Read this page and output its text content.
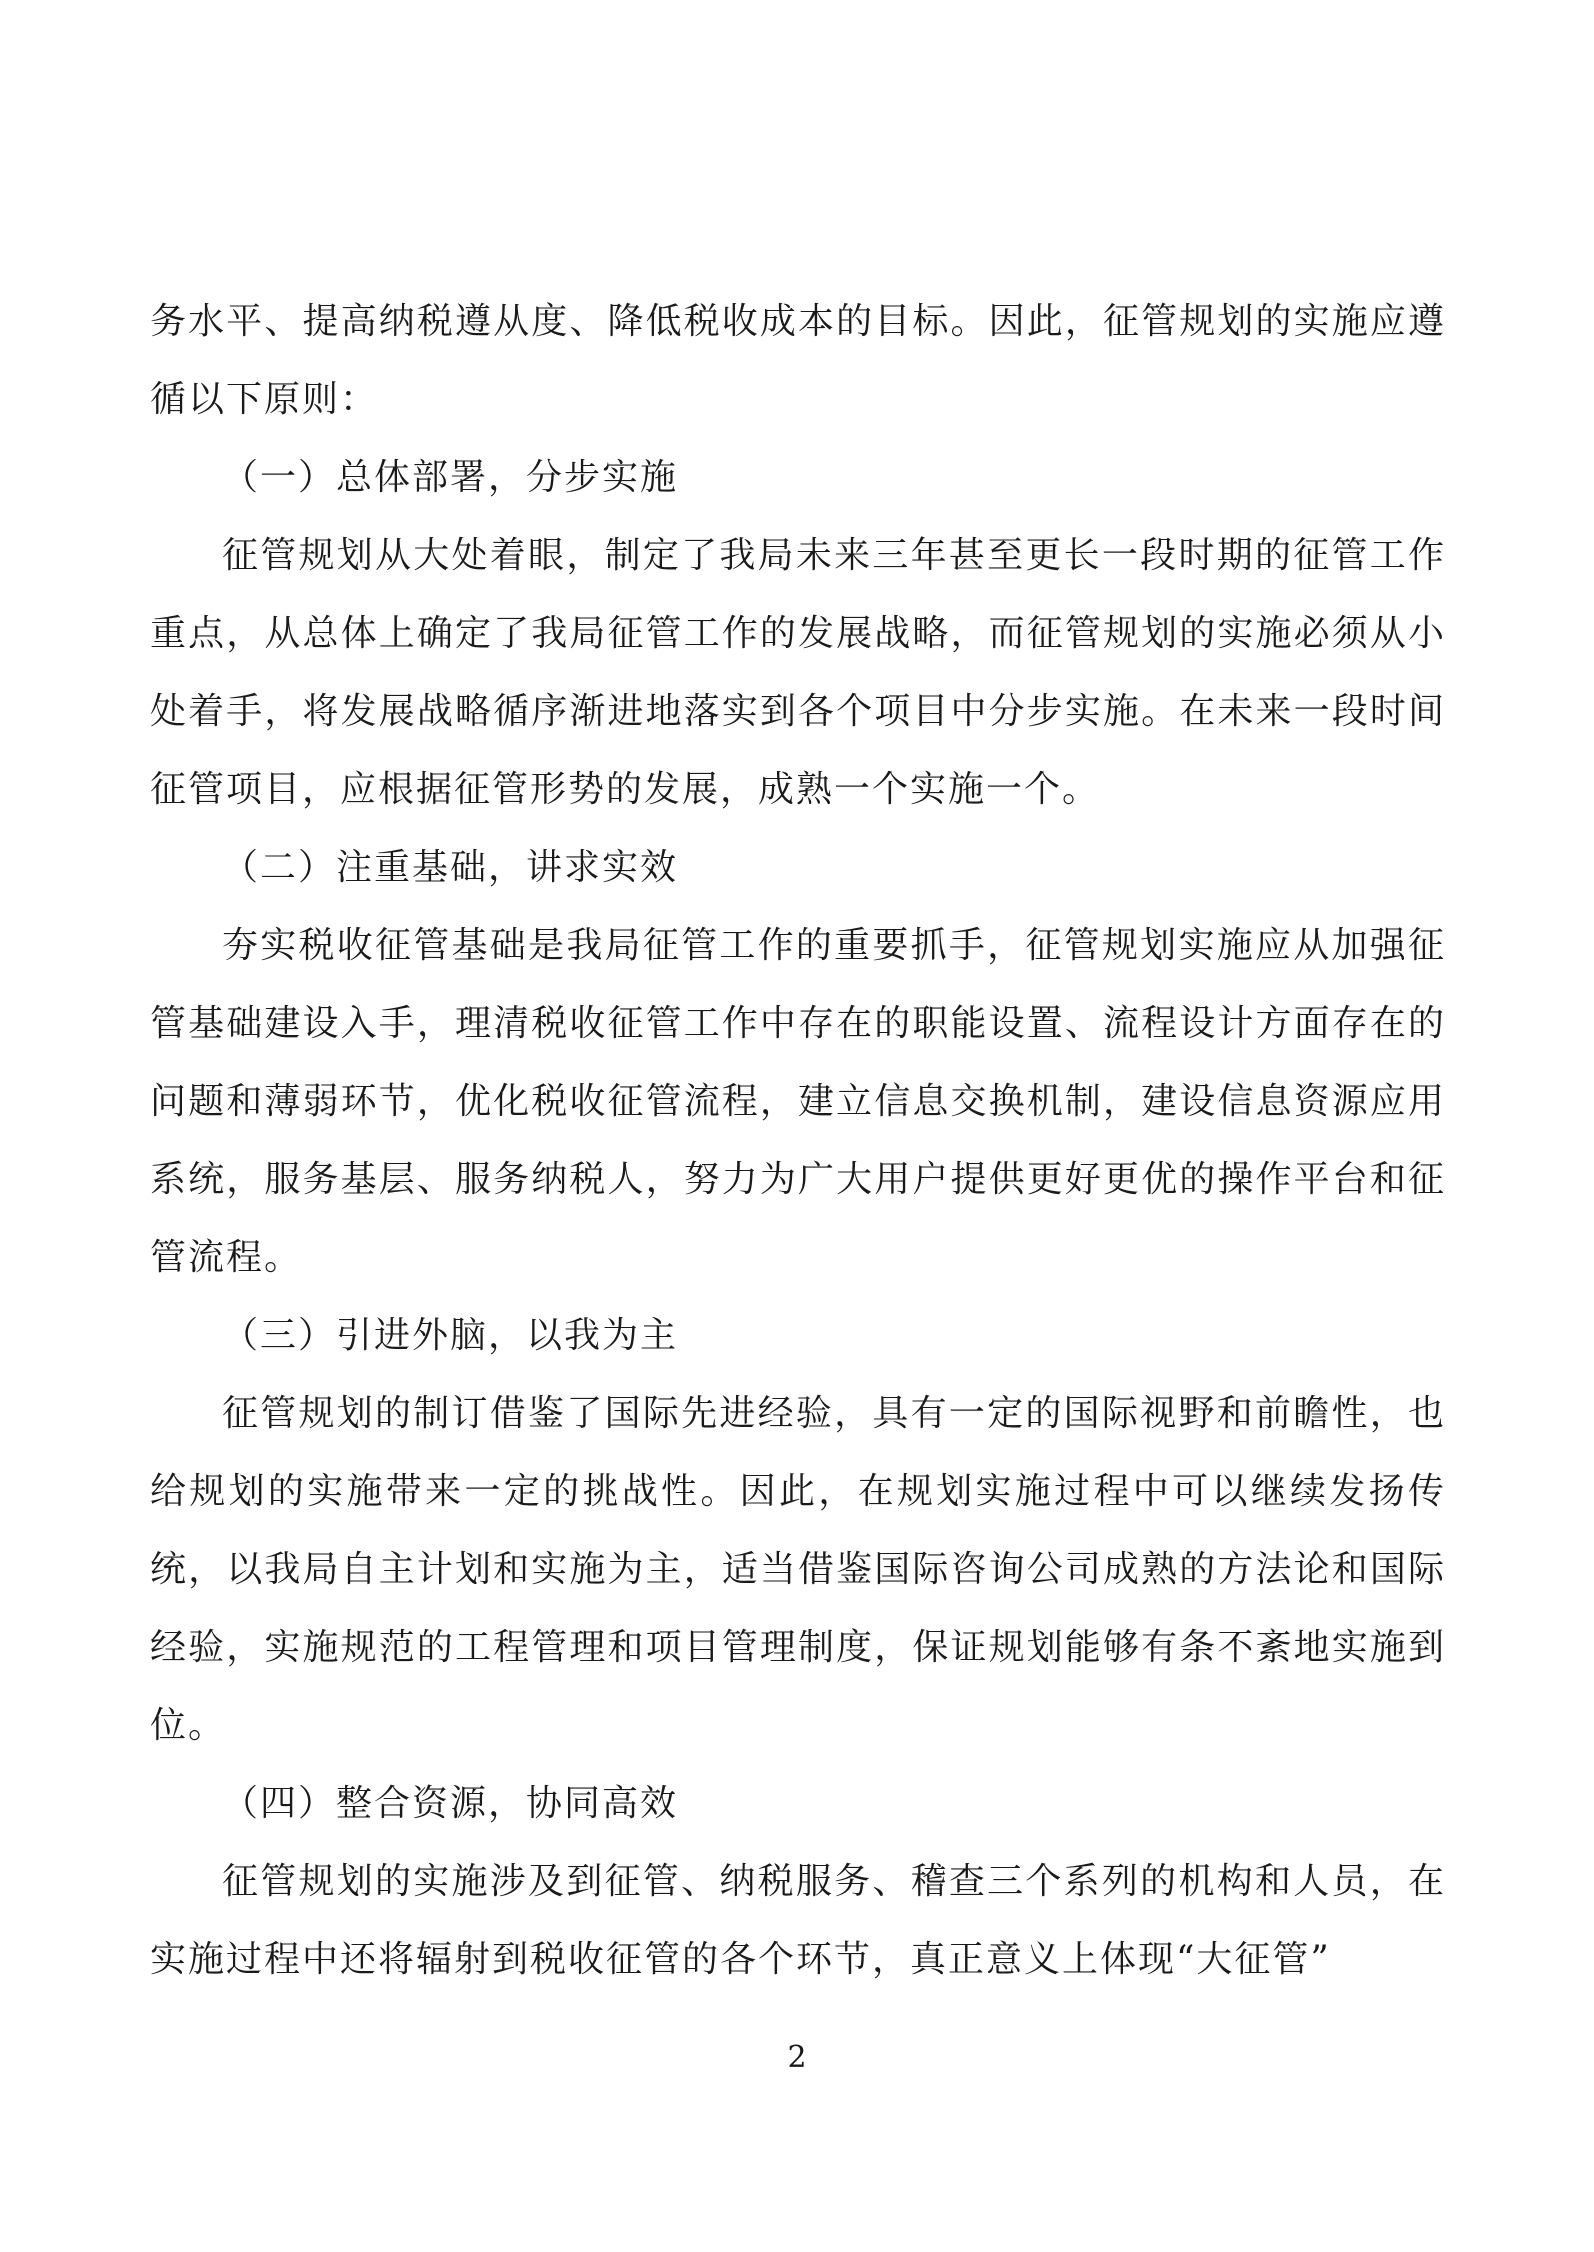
务水平、提高纳税遵从度、降低税收成本的目标。因此，征管规划的实施应遵循以下原则：

（一）总体部署，分步实施

征管规划从大处着眼，制定了我局未来三年甚至更长一段时期的征管工作重点，从总体上确定了我局征管工作的发展战略，而征管规划的实施必须从小处着手，将发展战略循序渐进地落实到各个项目中分步实施。在未来一段时间征管项目，应根据征管形势的发展，成熟一个实施一个。

（二）注重基础，讲求实效

夯实税收征管基础是我局征管工作的重要抓手，征管规划实施应从加强征管基础建设入手，理清税收征管工作中存在的职能设置、流程设计方面存在的问题和薄弱环节，优化税收征管流程，建立信息交换机制，建设信息资源应用系统，服务基层、服务纳税人，努力为广大用户提供更好更优的操作平台和征管流程。

（三）引进外脑，以我为主

征管规划的制订借鉴了国际先进经验，具有一定的国际视野和前瞻性，也给规划的实施带来一定的挑战性。因此，在规划实施过程中可以继续发扬传统，以我局自主计划和实施为主，适当借鉴国际咨询公司成熟的方法论和国际经验，实施规范的工程管理和项目管理制度，保证规划能够有条不紊地实施到位。

（四）整合资源，协同高效

征管规划的实施涉及到征管、纳税服务、稽查三个系列的机构和人员，在实施过程中还将辐射到税收征管的各个环节，真正意义上体现“大征管”

2
